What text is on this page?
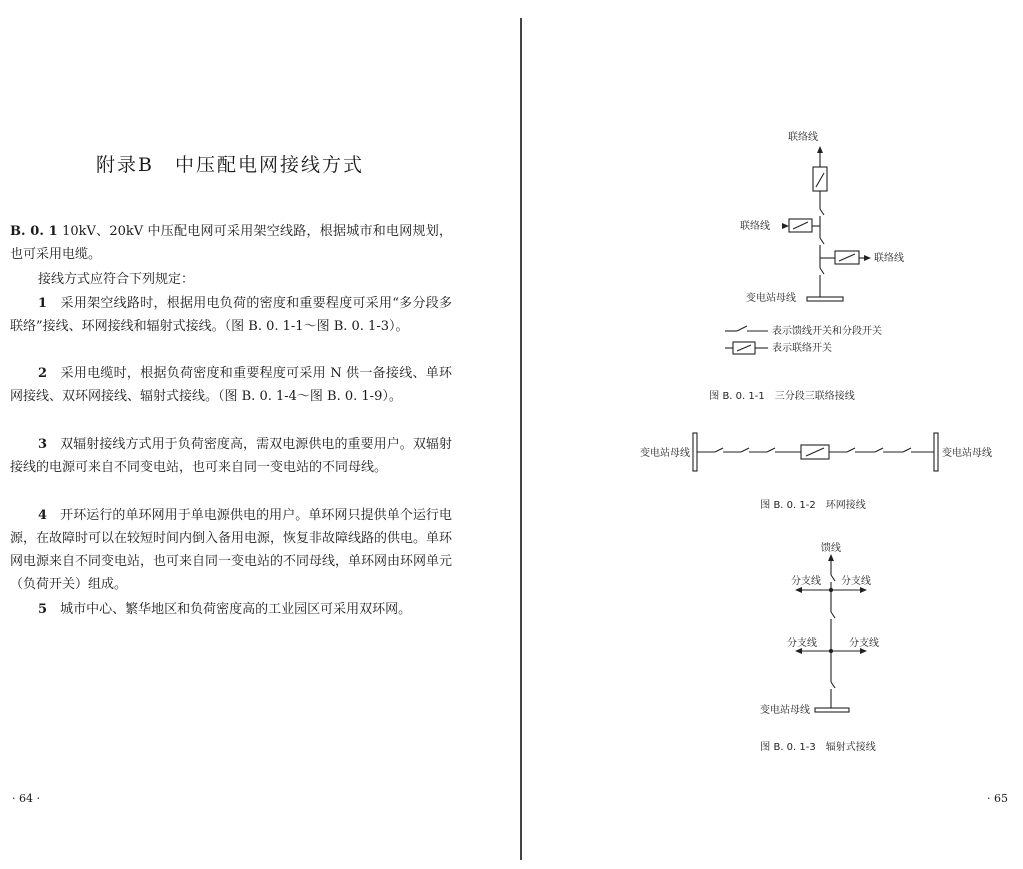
附录B　中压配电网接线方式

B. 0. 1 10kV、20kV 中压配电网可采用架空线路，根据城市和电网规划，也可采用电缆。

接线方式应符合下列规定：

1　 采用架空线路时，根据用电负荷的密度和重要程度可采用“多分段多联络”接线、环网接线和辐射式接线。（图 B. 0. 1-1～图 B. 0. 1-3）。

2　 采用电缆时，根据负荷密度和重要程度可采用 N 供一备接线、单环网接线、双环网接线、辐射式接线。（图 B. 0. 1-4～图 B. 0. 1-9）。

3　 双辐射接线方式用于负荷密度高，需双电源供电的重要用户。双辐射接线的电源可来自不同变电站，也可来自同一变电站的不同母线。

4　 开环运行的单环网用于单电源供电的用户。单环网只提供单个运行电源，在故障时可以在较短时间内倒入备用电源，恢复非故障线路的供电。单环网电源来自不同变电站，也可来自同一变电站的不同母线，单环网由环网单元（负荷开关）组成。

5　 城市中心、繁华地区和负荷密度高的工业园区可采用双环网。

· 64 ·
联络线
联络线
联络线
变电站母线
表示馈线开关和分段开关
表示联络开关
图 B. 0. 1-1　三分段三联络接线
变电站母线	变电站母线
图 B. 0. 1-2　环网接线
馈线
分支线 分支线
分支线	分支线
变电站母线
图 B. 0. 1-3　辐射式接线
· 65
